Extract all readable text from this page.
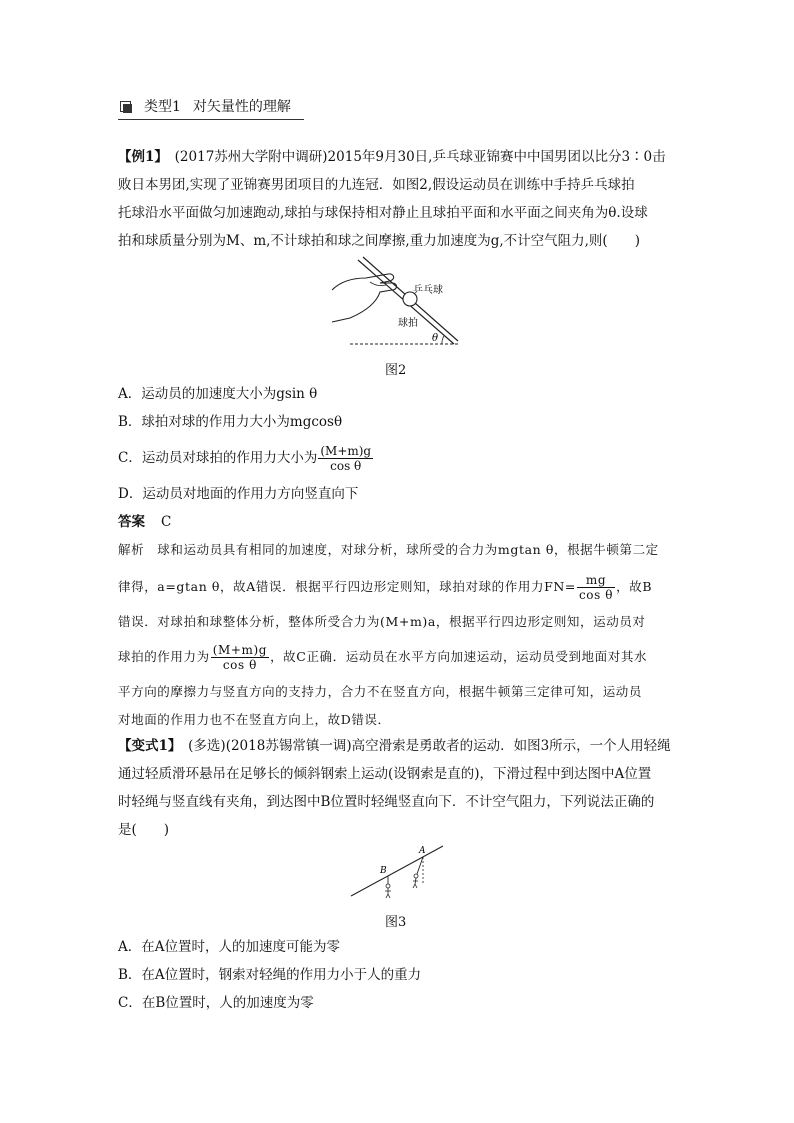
类型1 对矢量性的理解
【例1】　(2017苏州大学附中调研)2015年9月30日,乒乓球亚锦赛中中国男团以比分3∶0击
败日本男团,实现了亚锦赛男团项目的九连冠．如图2,假设运动员在训练中手持乒乓球拍
托球沿水平面做匀加速跑动,球拍与球保持相对静止且球拍平面和水平面之间夹角为θ.设球
拍和球质量分别为M、m,不计球拍和球之间摩擦,重力加速度为g,不计空气阻力,则(　　)
乒乓球
球拍
θ
图2
A．运动员的加速度大小为gsin θ
B．球拍对球的作用力大小为mgcosθ
C．运动员对球拍的作用力大小为 $\frac{(M+m)g}{\text{cos θ}}$
D．运动员对地面的作用力方向竖直向下
答案 C
解析　球和运动员具有相同的加速度，对球分析，球所受的合力为mgtan θ，根据牛顿第二定
律得，a=gtan θ，故A错误．根据平行四边形定则知，球拍对球的作用力$FN= \frac{mg}{\text{cos θ}}$ ，故B
错误．对球拍和球整体分析，整体所受合力为(M+m)a，根据平行四边形定则知，运动员对
球拍的作用力为 $\frac{(M+m)g}{\text{cos θ}}$ ，故C正确．运动员在水平方向加速运动，运动员受到地面对其水
平方向的摩擦力与竖直方向的支持力，合力不在竖直方向，根据牛顿第三定律可知，运动员
对地面的作用力也不在竖直方向上，故D错误．
【变式1】　(多选)(2018苏锡常镇一调)高空滑索是勇敢者的运动．如图3所示，一个人用轻绳
通过轻质滑环悬吊在足够长的倾斜钢索上运动(设钢索是直的)，下滑过程中到达图中A位置
时轻绳与竖直线有夹角，到达图中B位置时轻绳竖直向下．不计空气阻力，下列说法正确的
是(　　)
A
B
图3
A．在A位置时，人的加速度可能为零
B．在A位置时，钢索对轻绳的作用力小于人的重力
C．在B位置时，人的加速度为零
